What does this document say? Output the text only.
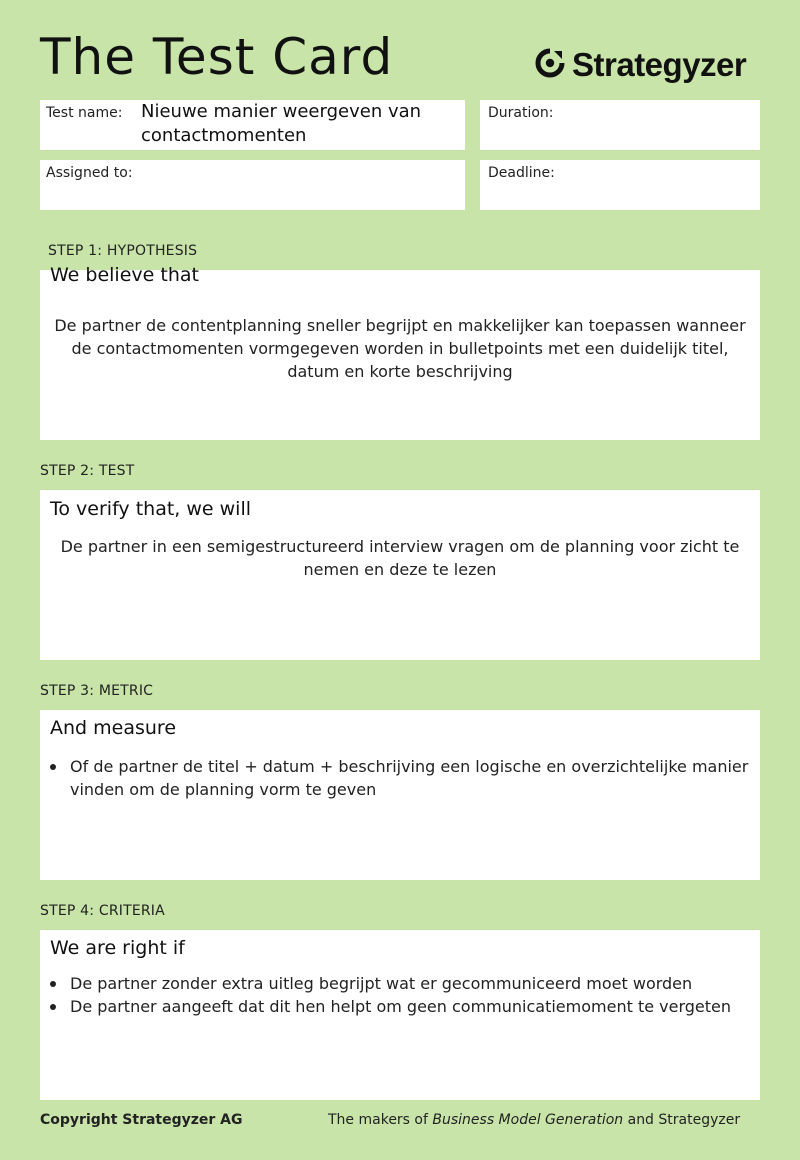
The Test Card	Strategyzer
Test name: Nieuwe manier weergeven van contactmomenten
Duration:
Assigned to:	Deadline:
STEP 1: HYPOTHESIS
We believe that
De partner de contentplanning sneller begrijpt en makkelijker kan toepassen wanneer de contactmomenten vormgegeven worden in bulletpoints met een duidelijk titel, datum en korte beschrijving
STEP 2: TEST
To verify that, we will
De partner in een semigestructureerd interview vragen om de planning voor zicht te nemen en deze te lezen
STEP 3: METRIC
And measure
Of de partner de titel + datum + beschrijving een logische en overzichtelijke manier vinden om de planning vorm te geven
STEP 4: CRITERIA
We are right if
De partner zonder extra uitleg begrijpt wat er gecommuniceerd moet worden
De partner aangeeft dat dit hen helpt om geen communicatiemoment te vergeten
Copyright Strategyzer AG	The makers of Business Model Generation and Strategyzer
